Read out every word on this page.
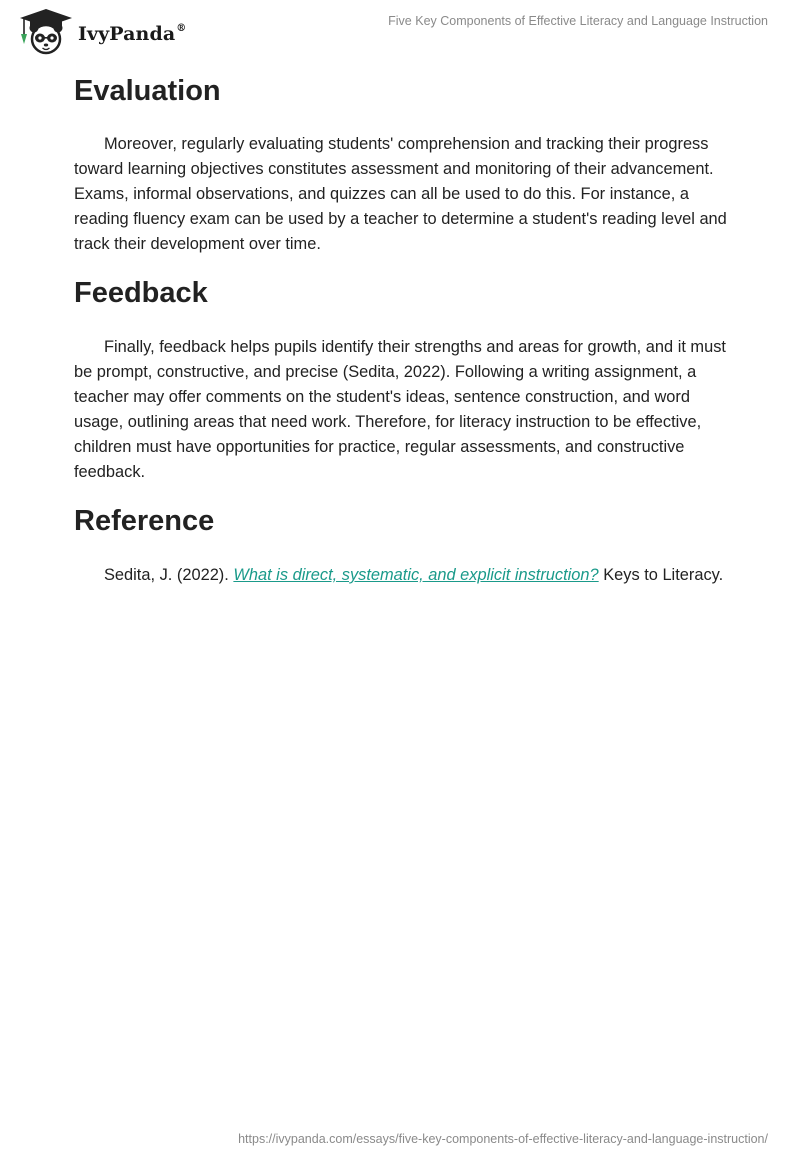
IvyPanda®
Five Key Components of Effective Literacy and Language Instruction
Evaluation

Moreover, regularly evaluating students' comprehension and tracking their progress toward learning objectives constitutes assessment and monitoring of their advancement. Exams, informal observations, and quizzes can all be used to do this. For instance, a reading fluency exam can be used by a teacher to determine a student's reading level and track their development over time.

Feedback

Finally, feedback helps pupils identify their strengths and areas for growth, and it must be prompt, constructive, and precise (Sedita, 2022). Following a writing assignment, a teacher may offer comments on the student's ideas, sentence construction, and word usage, outlining areas that need work. Therefore, for literacy instruction to be effective, children must have opportunities for practice, regular assessments, and constructive feedback.

Reference

Sedita, J. (2022). What is direct, systematic, and explicit instruction? Keys to Literacy.

https://ivypanda.com/essays/five-key-components-of-effective-literacy-and-language-instruction/
